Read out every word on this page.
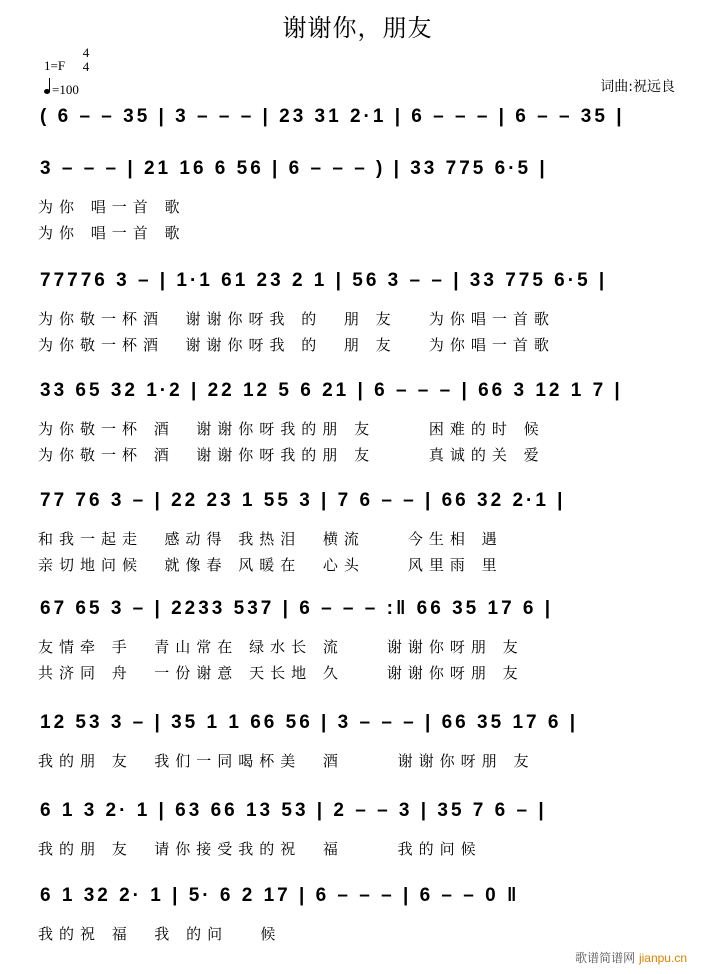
谢谢你，朋友
1=F
4
4
=100	词曲:祝远良
( 6 – – 35 | 3 – – – | 23 31 2·1 | 6 – – – | 6 – – 35 |
3 – – – | 21 16 6 56 | 6 – – – ) | 33 775 6·5 |
为你 唱一首 歌
为你 唱一首 歌
77776 3 – | 1·1 61 23 2 1 | 56 3 – – | 33 775 6·5 |
为你敬一杯酒  谢谢你呀我 的  朋 友   为你唱一首歌
为你敬一杯酒  谢谢你呀我 的  朋 友   为你唱一首歌
33 65 32 1·2 | 22 12 5 6 21 | 6 – – – | 66 3 12 1 7 |
为你敬一杯 酒  谢谢你呀我的朋 友     困难的时 候
为你敬一杯 酒  谢谢你呀我的朋 友     真诚的关 爱
77 76 3 – | 22 23 1 55 3 | 7 6 – – | 66 32 2·1 |
和我一起走  感动得 我热泪  横流    今生相 遇
亲切地问候  就像春 风暖在  心头    风里雨 里
67 65 3 – | 2233 537 | 6 – – – :‖ 66 35 17 6 |
友情牵 手  青山常在 绿水长 流    谢谢你呀朋 友
共济同 舟  一份谢意 天长地 久    谢谢你呀朋 友
12 53 3 – | 35 1 1 66 56 | 3 – – – | 66 35 17 6 |
我的朋 友  我们一同喝杯美  酒     谢谢你呀朋 友
6 1 3 2· 1 | 63 66 13 53 | 2 – – 3 | 35 7 6 – |
我的朋 友  请你接受我的祝  福     我的问候
6 1 32 2· 1 | 5· 6 2 17 | 6 – – – | 6 – – 0 ‖
我的祝 福  我 的问   候
歌谱简谱网 jianpu.cn
